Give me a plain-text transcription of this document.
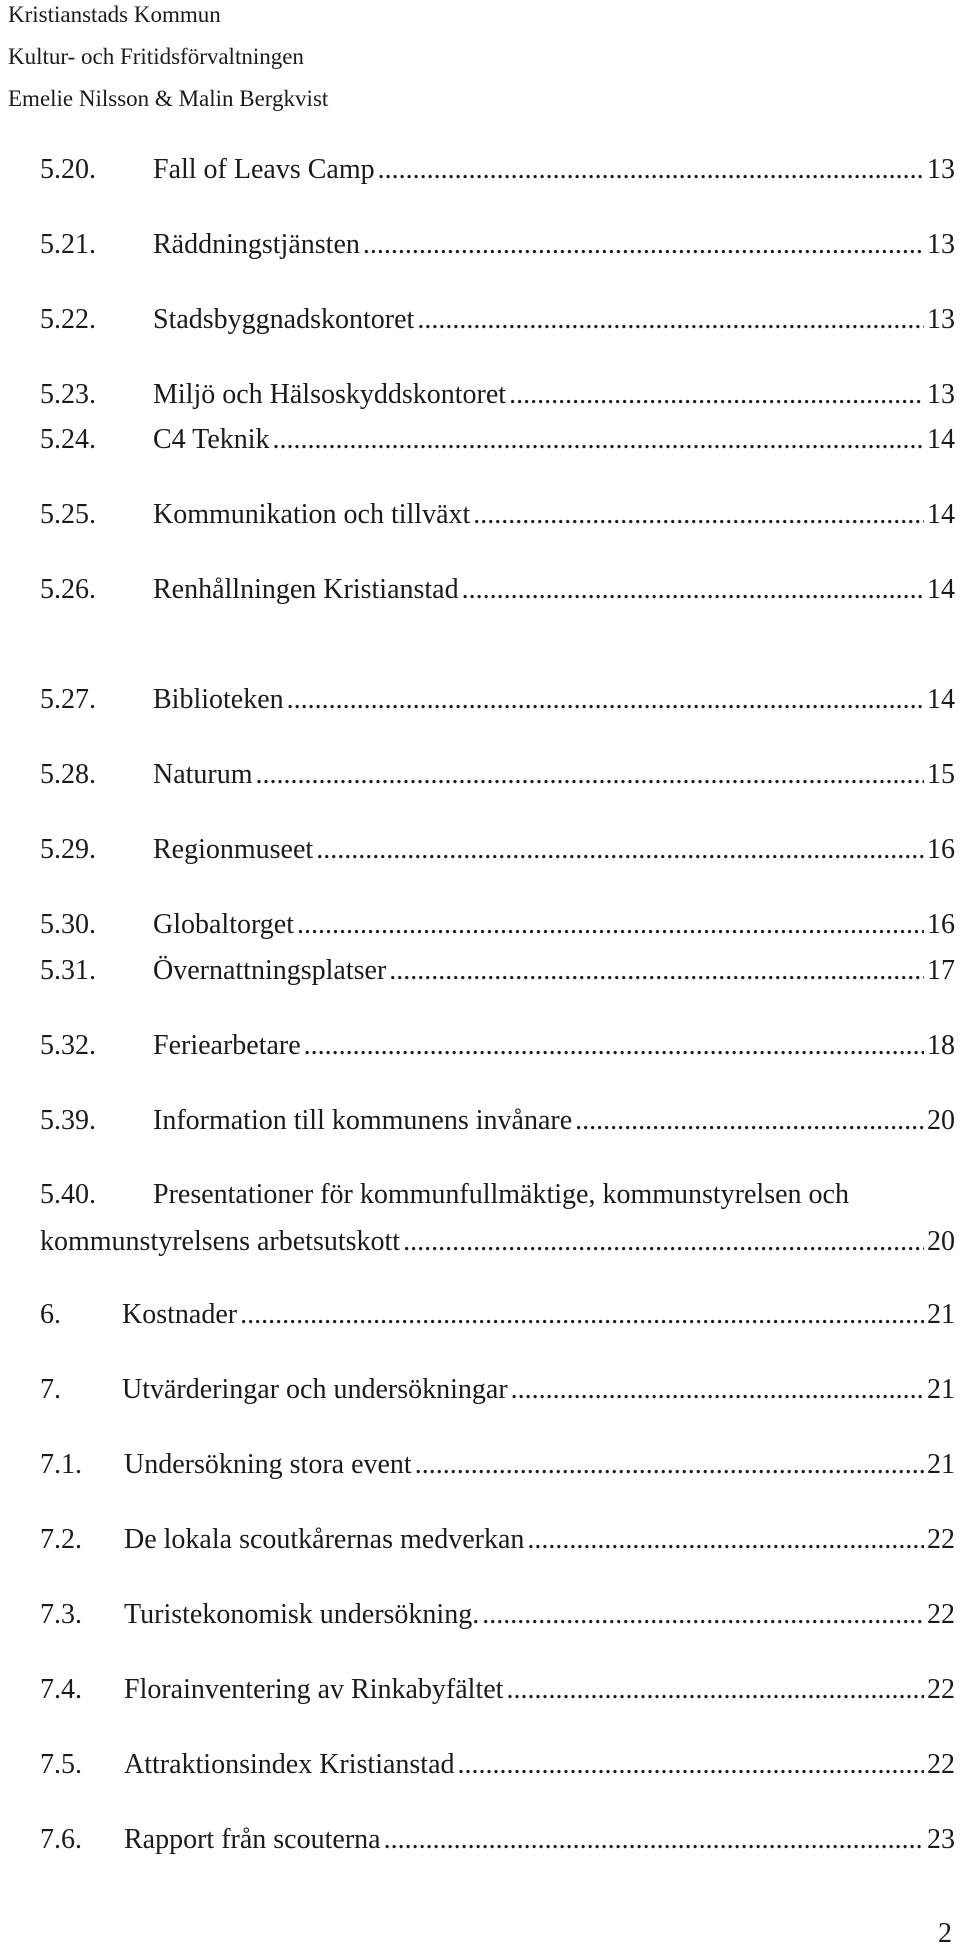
Kristianstads Kommun
Kultur- och Fritidsförvaltningen
Emelie Nilsson & Malin Bergkvist
5.20.	Fall of Leavs Camp .....	13
5.21.	Räddningstjänsten .....	13
5.22.	Stadsbyggnadskontoret .....	13
5.23.	Miljö och Hälsoskyddskontoret .....	13
5.24.	C4 Teknik .....	14
5.25.	Kommunikation och tillväxt .....	14
5.26.	Renhållningen Kristianstad .....	14
5.27.	Biblioteken .....	14
5.28.	Naturum .....	15
5.29.	Regionmuseet .....	16
5.30.	Globaltorget .....	16
5.31.	Övernattningsplatser .....	17
5.32.	Feriearbetare .....	18
5.39.	Information till kommunens invånare .....	20
5.40.	Presentationer för kommunfullmäktige, kommunstyrelsen och
kommunstyrelsens arbetsutskott .....	20
6.	Kostnader .....	21
7.	Utvärderingar och undersökningar .....	21
7.1.	Undersökning stora event .....	21
7.2.	De lokala scoutkårernas medverkan .....	22
7.3.	Turistekonomisk undersökning. .....	22
7.4.	Florainventering av Rinkabyfältet .....	22
7.5.	Attraktionsindex Kristianstad .....	22
7.6.	Rapport från scouterna .....	23
2
